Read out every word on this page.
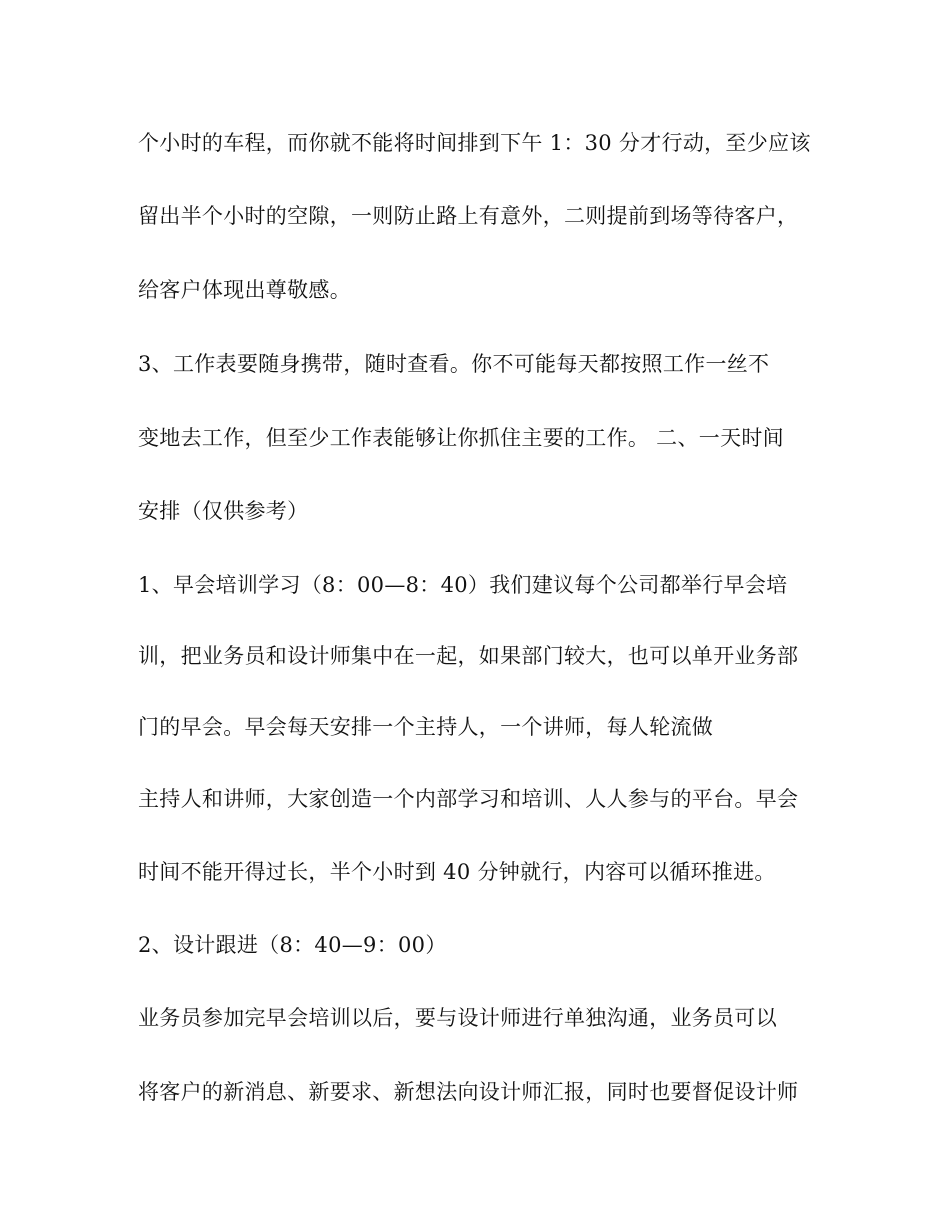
个小时的车程，而你就不能将时间排到下午 1：30 分才行动，至少应该
留出半个小时的空隙，一则防止路上有意外，二则提前到场等待客户，
给客户体现出尊敬感。
3、工作表要随身携带，随时查看。你不可能每天都按照工作一丝不
变地去工作，但至少工作表能够让你抓住主要的工作。 二、一天时间
安排（仅供参考）
1、早会培训学习（8：00—8：40）我们建议每个公司都举行早会培
训，把业务员和设计师集中在一起，如果部门较大，也可以单开业务部
门的早会。早会每天安排一个主持人，一个讲师，每人轮流做
主持人和讲师，大家创造一个内部学习和培训、人人参与的平台。早会
时间不能开得过长，半个小时到 40 分钟就行，内容可以循环推进。
2、设计跟进（8：40—9：00）
业务员参加完早会培训以后，要与设计师进行单独沟通，业务员可以
将客户的新消息、新要求、新想法向设计师汇报，同时也要督促设计师
